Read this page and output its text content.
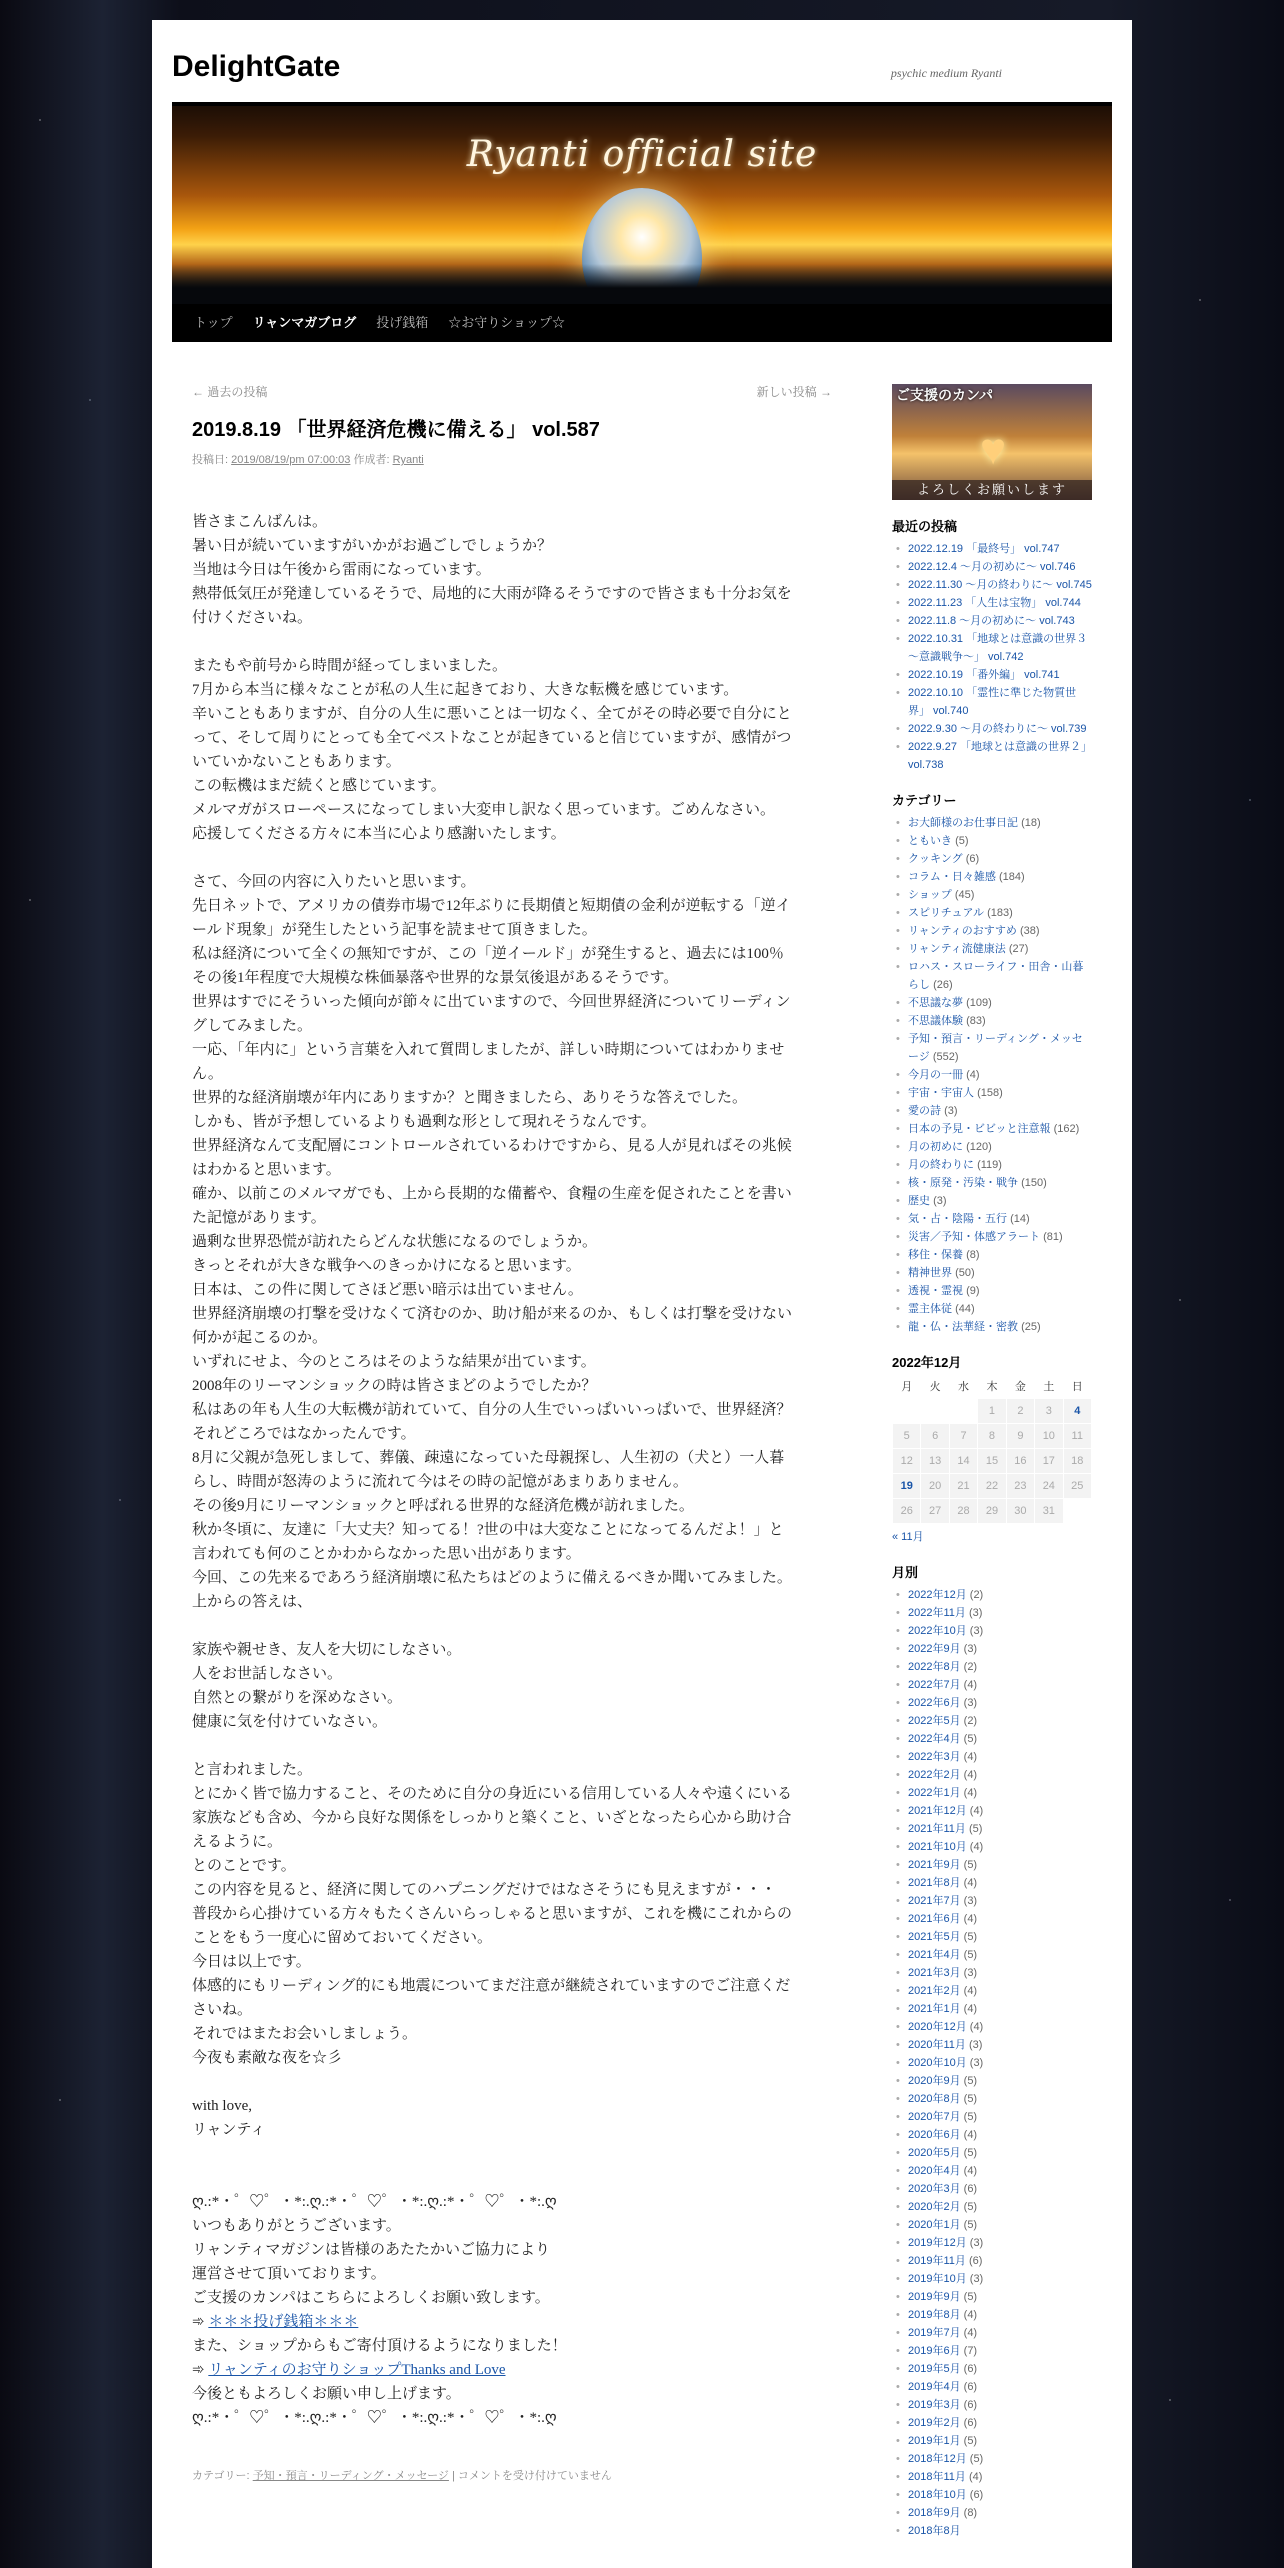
DelightGate	psychic medium Ryanti
Ryanti official site
トップ リャンマガブログ 投げ銭箱 ☆お守りショップ☆
← 過去の投稿	新しい投稿 →
2019.8.19 「世界経済危機に備える」 vol.587
投稿日: 2019/08/19/pm 07:00:03 作成者: Ryanti
皆さまこんばんは。
暑い日が続いていますがいかがお過ごしでしょうか？
当地は今日は午後から雷雨になっています。
熱帯低気圧が発達しているそうで、局地的に大雨が降るそうですので皆さまも十分お気を
付けくださいね。
またもや前号から時間が経ってしまいました。
7月から本当に様々なことが私の人生に起きており、大きな転機を感じています。
辛いこともありますが、自分の人生に悪いことは一切なく、全てがその時必要で自分にと
って、そして周りにとっても全てベストなことが起きていると信じていますが、感情がつ
いていかないこともあります。
この転機はまだ続くと感じています。
メルマガがスローペースになってしまい大変申し訳なく思っています。ごめんなさい。
応援してくださる方々に本当に心より感謝いたします。
さて、今回の内容に入りたいと思います。
先日ネットで、アメリカの債券市場で12年ぶりに長期債と短期債の金利が逆転する「逆イ
ールド現象」が発生したという記事を読ませて頂きました。
私は経済について全くの無知ですが、この「逆イールド」が発生すると、過去には100％
その後1年程度で大規模な株価暴落や世界的な景気後退があるそうです。
世界はすでにそういった傾向が節々に出ていますので、今回世界経済についてリーディン
グしてみました。
一応、「年内に」という言葉を入れて質問しましたが、詳しい時期についてはわかりませ
ん。
世界的な経済崩壊が年内にありますか？と聞きましたら、ありそうな答えでした。
しかも、皆が予想しているよりも過剰な形として現れそうなんです。
世界経済なんて支配層にコントロールされているわけですから、見る人が見ればその兆候
はわかると思います。
確か、以前このメルマガでも、上から長期的な備蓄や、食糧の生産を促されたことを書い
た記憶があります。
過剰な世界恐慌が訪れたらどんな状態になるのでしょうか。
きっとそれが大きな戦争へのきっかけになると思います。
日本は、この件に関してさほど悪い暗示は出ていません。
世界経済崩壊の打撃を受けなくて済むのか、助け船が来るのか、もしくは打撃を受けない
何かが起こるのか。
いずれにせよ、今のところはそのような結果が出ています。
2008年のリーマンショックの時は皆さまどのようでしたか？
私はあの年も人生の大転機が訪れていて、自分の人生でいっぱいいっぱいで、世界経済？
それどころではなかったんです。
8月に父親が急死しまして、葬儀、疎遠になっていた母親探し、人生初の（犬と）一人暮
らし、時間が怒涛のように流れて今はその時の記憶があまりありません。
その後9月にリーマンショックと呼ばれる世界的な経済危機が訪れました。
秋か冬頃に、友達に「大丈夫？知ってる！?世の中は大変なことになってるんだよ！」と
言われても何のことかわからなかった思い出があります。
今回、この先来るであろう経済崩壊に私たちはどのように備えるべきか聞いてみました。
上からの答えは、
家族や親せき、友人を大切にしなさい。
人をお世話しなさい。
自然との繋がりを深めなさい。
健康に気を付けていなさい。
と言われました。
とにかく皆で協力すること、そのために自分の身近にいる信用している人々や遠くにいる
家族なども含め、今から良好な関係をしっかりと築くこと、いざとなったら心から助け合
えるように。
とのことです。
この内容を見ると、経済に関してのハプニングだけではなさそうにも見えますが・・・
普段から心掛けている方々もたくさんいらっしゃると思いますが、これを機にこれからの
ことをもう一度心に留めておいてください。
今日は以上です。
体感的にもリーディング的にも地震についてまだ注意が継続されていますのでご注意くだ
さいね。
それではまたお会いしましょう。
今夜も素敵な夜を☆彡
with love,
リャンティ
ღ.:*・゜♡゜・*:.ღ.:*・゜♡゜・*:.ღ.:*・゜♡゜・*:.ღ
いつもありがとうございます。
リャンティマガジンは皆様のあたたかいご協力により
運営させて頂いております。
ご支援のカンパはこちらによろしくお願い致します。
➾ ＊＊＊投げ銭箱＊＊＊
また、ショップからもご寄付頂けるようになりました！
➾ リャンティのお守りショップThanks and Love
今後ともよろしくお願い申し上げます。
ღ.:*・゜♡゜・*:.ღ.:*・゜♡゜・*:.ღ.:*・゜♡゜・*:.ღ
カテゴリー: 予知・預言・リーディング・メッセージ | コメントを受け付けていません
ご支援のカンパ
♥
よろしくお願いします
最近の投稿
• 2022.12.19 「最終号」 vol.747
• 2022.12.4 ～月の初めに～ vol.746
• 2022.11.30 ～月の終わりに～ vol.745
• 2022.11.23 「人生は宝物」 vol.744
• 2022.11.8 ～月の初めに～ vol.743
• 2022.10.31 「地球とは意識の世界３～意識戦争～」 vol.742
• 2022.10.19 「番外編」 vol.741
• 2022.10.10 「霊性に準じた物質世界」 vol.740
• 2022.9.30 ～月の終わりに～ vol.739
• 2022.9.27 「地球とは意識の世界２」 vol.738
カテゴリー
• お大師様のお仕事日記 (18)
• ともいき (5)
• クッキング (6)
• コラム・日々雑感 (184)
• ショップ (45)
• スピリチュアル (183)
• リャンティのおすすめ (38)
• リャンティ流健康法 (27)
• ロハス・スローライフ・田舎・山暮らし (26)
• 不思議な夢 (109)
• 不思議体験 (83)
• 予知・預言・リーディング・メッセージ (552)
• 今月の一冊 (4)
• 宇宙・宇宙人 (158)
• 愛の詩 (3)
• 日本の予見・ビビッと注意報 (162)
• 月の初めに (120)
• 月の終わりに (119)
• 核・原発・汚染・戦争 (150)
• 歴史 (3)
• 気・占・陰陽・五行 (14)
• 災害／予知・体感アラート (81)
• 移住・保養 (8)
• 精神世界 (50)
• 透視・霊視 (9)
• 霊主体従 (44)
• 龍・仏・法華経・密教 (25)
2022年12月
月	火	水	木	金	土	日
			1	2	3	4
5	6	7	8	9	10	11
12	13	14	15	16	17	18
19	20	21	22	23	24	25
26	27	28	29	30	31	
« 11月
月別
• 2022年12月 (2)
• 2022年11月 (3)
• 2022年10月 (3)
• 2022年9月 (3)
• 2022年8月 (2)
• 2022年7月 (4)
• 2022年6月 (3)
• 2022年5月 (2)
• 2022年4月 (5)
• 2022年3月 (4)
• 2022年2月 (4)
• 2022年1月 (4)
• 2021年12月 (4)
• 2021年11月 (5)
• 2021年10月 (4)
• 2021年9月 (5)
• 2021年8月 (4)
• 2021年7月 (3)
• 2021年6月 (4)
• 2021年5月 (5)
• 2021年4月 (5)
• 2021年3月 (3)
• 2021年2月 (4)
• 2021年1月 (4)
• 2020年12月 (4)
• 2020年11月 (3)
• 2020年10月 (3)
• 2020年9月 (5)
• 2020年8月 (5)
• 2020年7月 (5)
• 2020年6月 (4)
• 2020年5月 (5)
• 2020年4月 (4)
• 2020年3月 (6)
• 2020年2月 (5)
• 2020年1月 (5)
• 2019年12月 (3)
• 2019年11月 (6)
• 2019年10月 (3)
• 2019年9月 (5)
• 2019年8月 (4)
• 2019年7月 (4)
• 2019年6月 (7)
• 2019年5月 (6)
• 2019年4月 (6)
• 2019年3月 (6)
• 2019年2月 (6)
• 2019年1月 (5)
• 2018年12月 (5)
• 2018年11月 (4)
• 2018年10月 (6)
• 2018年9月 (8)
• 2018年8月
